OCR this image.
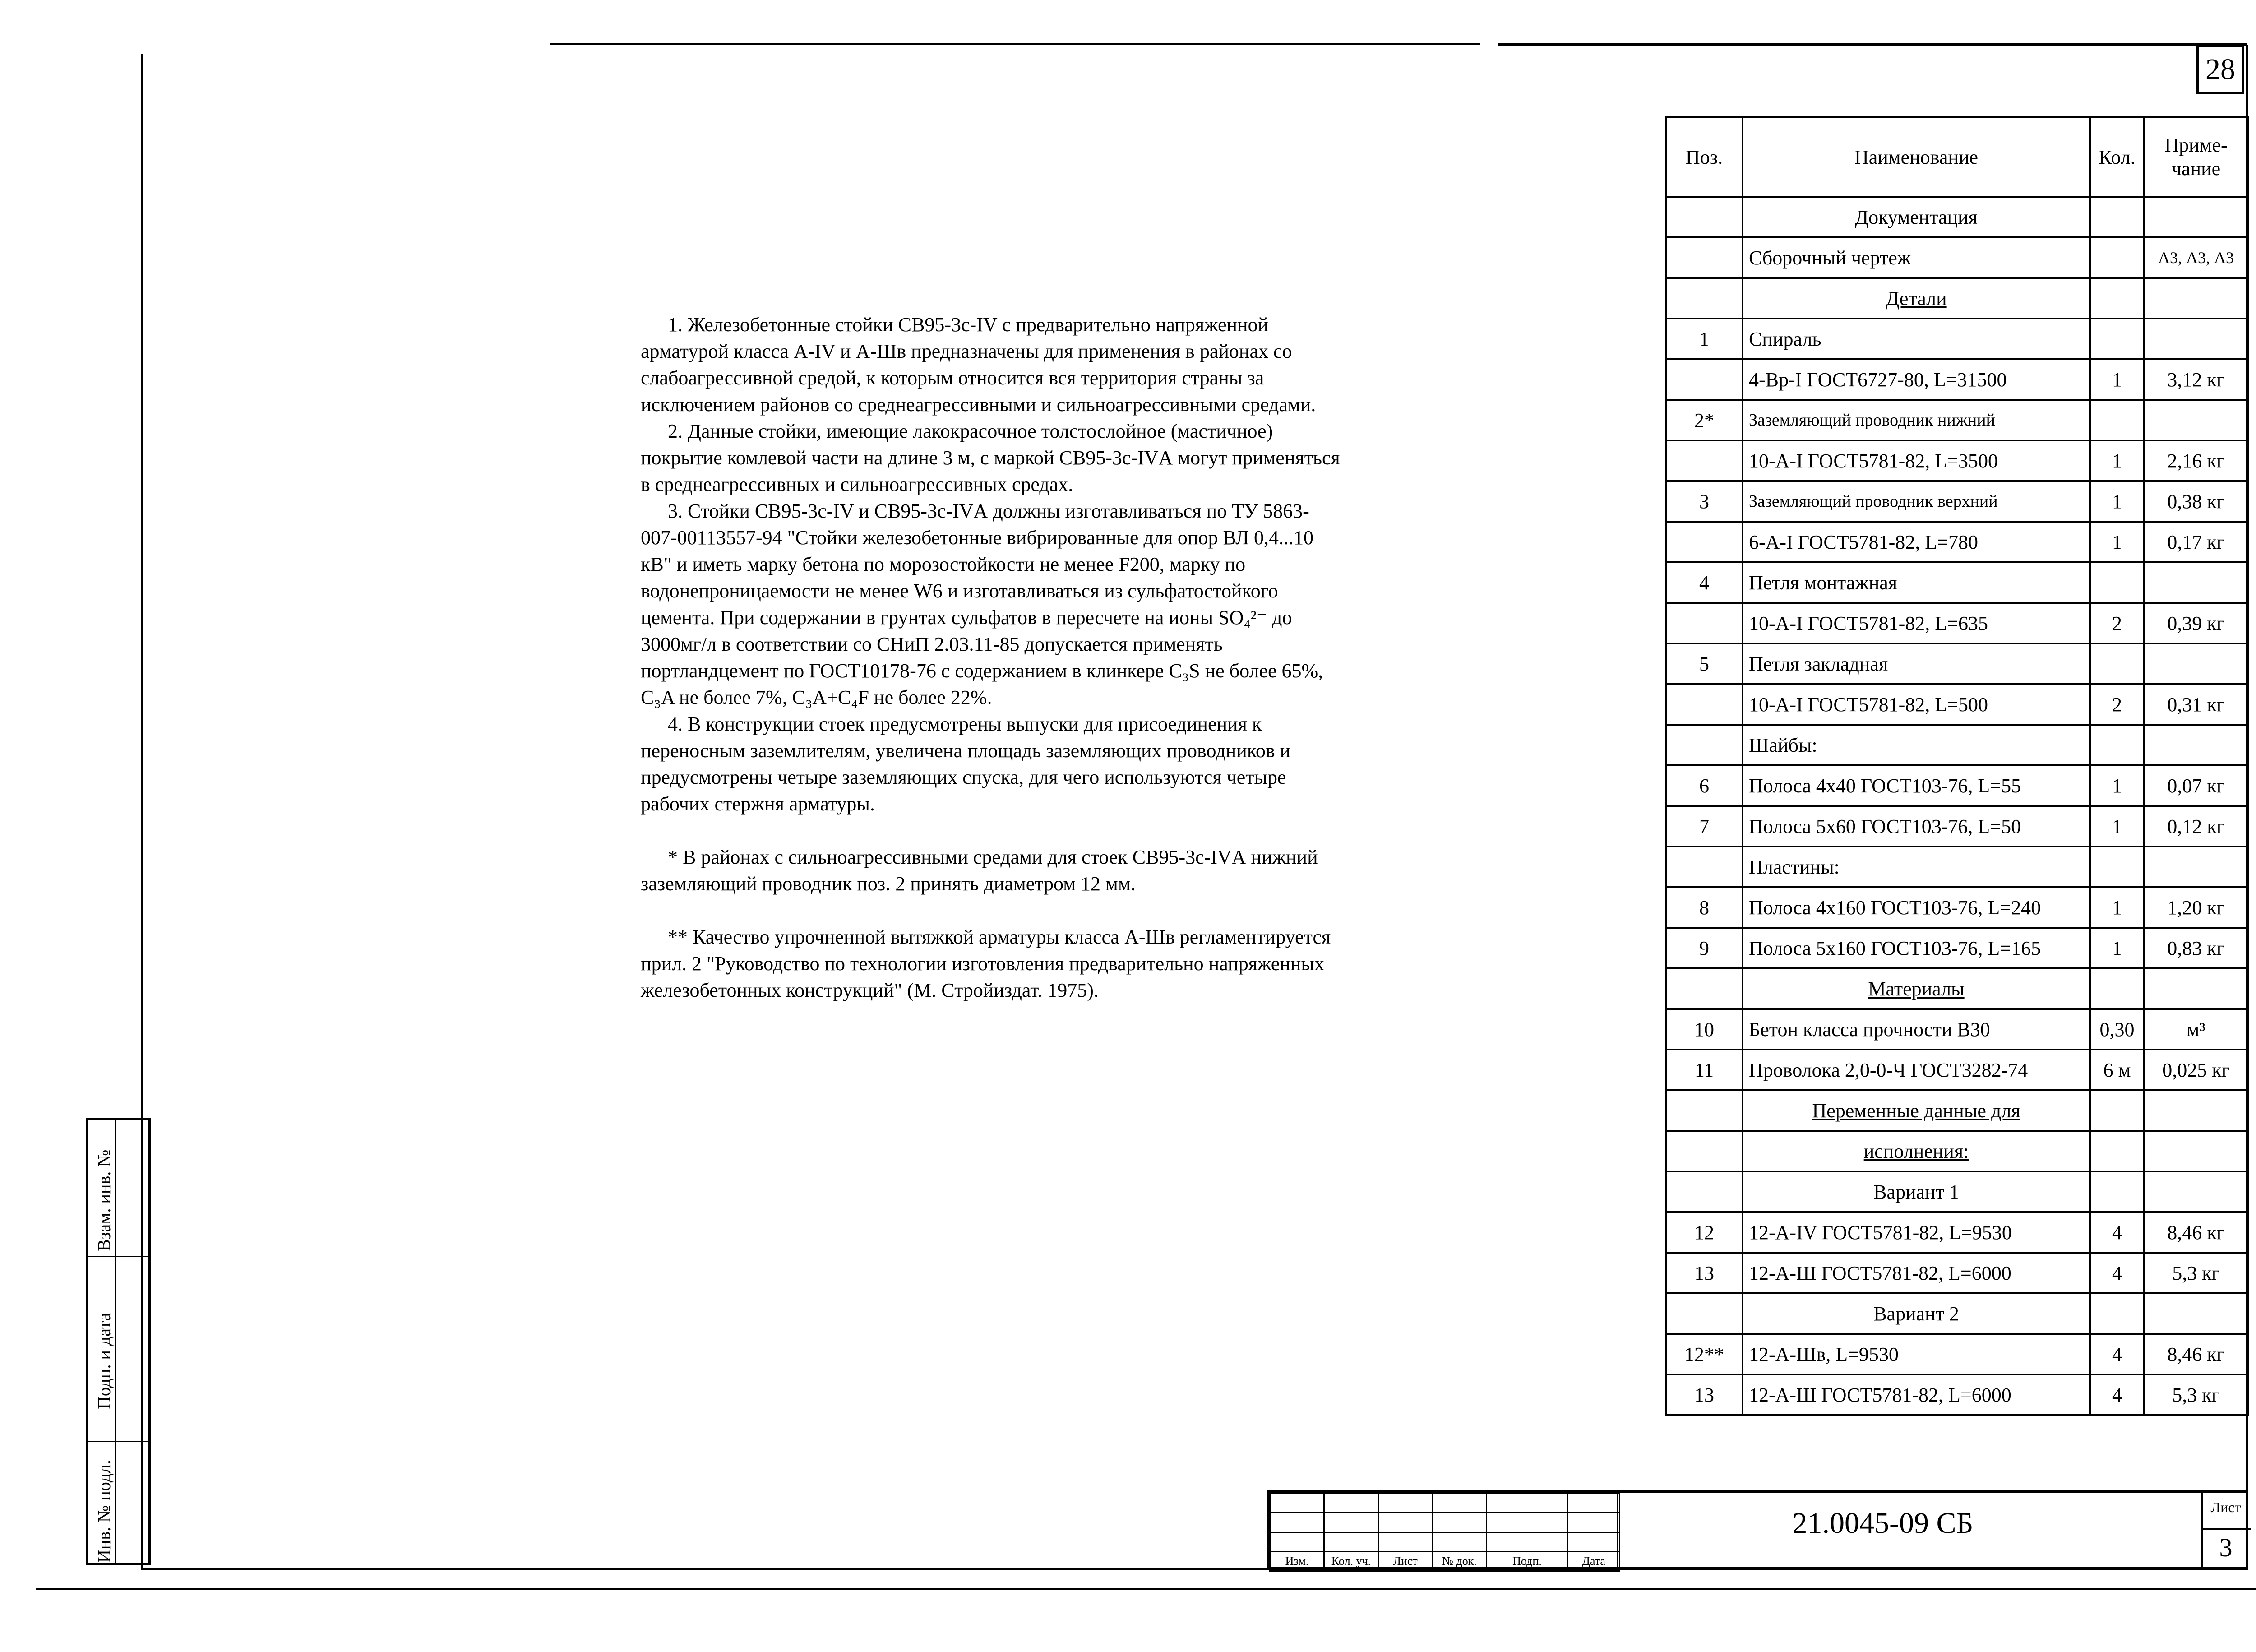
28

1. Железобетонные стойки СВ95-3с-IV с предварительно напряженной арматурой класса А-IV и А-Шв предназначены для применения в районах со слабоагрессивной средой, к которым относится вся территория страны за исключением районов со среднеагрессивными и сильноагрессивными средами.

2. Данные стойки, имеющие лакокрасочное толстослойное (мастичное) покрытие комлевой части на длине 3 м, с маркой СВ95-3с-IVА могут применяться в среднеагрессивных и сильноагрессивных средах.

3. Стойки СВ95-3с-IV и СВ95-3с-IVА должны изготавливаться по ТУ 5863-007-00113557-94 "Стойки железобетонные вибрированные для опор ВЛ 0,4...10 кВ" и иметь марку бетона по морозостойкости не менее F200, марку по водонепроницаемости не менее W6 и изготавливаться из сульфатостойкого цемента. При содержании в грунтах сульфатов в пересчете на ионы SO₄²⁻ до 3000мг/л в соответствии со СНиП 2.03.11-85 допускается применять портландцемент по ГОСТ10178-76 с содержанием в клинкере C₃S не более 65%, C₃A не более 7%, C₃A+C₄F не более 22%.

4. В конструкции стоек предусмотрены выпуски для присоединения к переносным заземлителям, увеличена площадь заземляющих проводников и предусмотрены четыре заземляющих спуска, для чего используются четыре рабочих стержня арматуры.

* В районах с сильноагрессивными средами для стоек СВ95-3с-IVА нижний заземляющий проводник поз. 2 принять диаметром 12 мм.

** Качество упрочненной вытяжкой арматуры класса А-Шв регламентируется прил. 2 "Руководство по технологии изготовления предварительно напряженных железобетонных конструкций" (М. Стройиздат. 1975).

Поз.	Наименование	Кол.	Приме-чание
	Документация		
	Сборочный чертеж		А3, А3, А3
	Детали		
1	Спираль		
	4-Вр-I ГОСТ6727-80, L=31500	1	3,12 кг
2*	Заземляющий проводник нижний		
	10-А-I ГОСТ5781-82, L=3500	1	2,16 кг
3	Заземляющий проводник верхний	1	0,38 кг
	6-А-I ГОСТ5781-82, L=780	1	0,17 кг
4	Петля монтажная		
	10-А-I ГОСТ5781-82, L=635	2	0,39 кг
5	Петля закладная		
	10-А-I ГОСТ5781-82, L=500	2	0,31 кг
	Шайбы:		
6	Полоса 4х40 ГОСТ103-76, L=55	1	0,07 кг
7	Полоса 5х60 ГОСТ103-76, L=50	1	0,12 кг
	Пластины:		
8	Полоса 4х160 ГОСТ103-76, L=240	1	1,20 кг
9	Полоса 5х160 ГОСТ103-76, L=165	1	0,83 кг
	Материалы		
10	Бетон класса прочности В30	0,30	м³
11	Проволока 2,0-0-Ч ГОСТ3282-74	6 м	0,025 кг
	Переменные данные для		
	исполнения:		
	Вариант 1		
12	12-А-IV ГОСТ5781-82, L=9530	4	8,46 кг
13	12-А-Ш ГОСТ5781-82, L=6000	4	5,3 кг
	Вариант 2		
12**	12-А-Шв, L=9530	4	8,46 кг
13	12-А-Ш ГОСТ5781-82, L=6000	4	5,3 кг
Взам. инв. №
Подп. и дата
Инв. № подл.

						Изм.	Кол. уч.	Лист	№ док.	Подп.	Дата
21.0045-09 СБ	Лист
3
